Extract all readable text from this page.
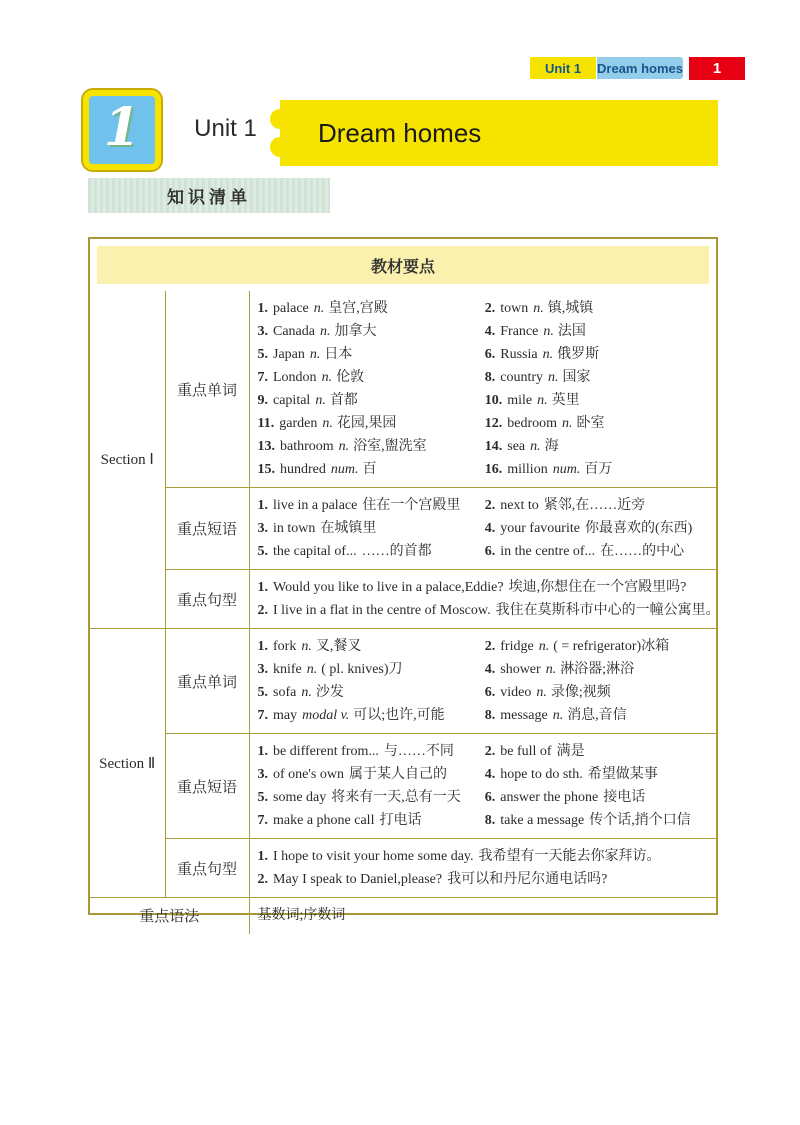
Unit 1	Dream homes	1
1	Unit 1	Dream homes
知识清单
教材要点
Section Ⅰ	重点单词	
1. palace n. 皇宫,宫殿	2. town n. 镇,城镇
3. Canada n. 加拿大	4. France n. 法国
5. Japan n. 日本	6. Russia n. 俄罗斯
7. London n. 伦敦	8. country n. 国家
9. capital n. 首都	10. mile n. 英里
11. garden n. 花园,果园	12. bedroom n. 卧室
13. bathroom n. 浴室,盥洗室	14. sea n. 海
15. hundred num. 百	16. million num. 百万

重点短语	
1. live in a palace 住在一个宫殿里	2. next to 紧邻,在……近旁
3. in town 在城镇里	4. your favourite 你最喜欢的(东西)
5. the capital of... ……的首都	6. in the centre of... 在……的中心

	重点句型	1. Would you like to live in a palace,Eddie? 埃迪,你想住在一个宫殿里吗?
2. I live in a flat in the centre of Moscow. 我住在莫斯科市中心的一幢公寓里。

Section Ⅱ	重点单词	
1. fork n. 叉,餐叉	2. fridge n. ( = refrigerator)冰箱
3. knife n. ( pl. knives)刀	4. shower n. 淋浴器;淋浴
5. sofa n. 沙发	6. video n. 录像;视频
7. may modal v. 可以;也许,可能	8. message n. 消息,音信

重点短语	
1. be different from... 与……不同	2. be full of 满是
3. of one's own 属于某人自己的	4. hope to do sth. 希望做某事
5. some day 将来有一天,总有一天	6. answer the phone 接电话
7. make a phone call 打电话	8. take a message 传个话,捎个口信

	重点句型	1. I hope to visit your home some day. 我希望有一天能去你家拜访。
2. May I speak to Daniel,please? 我可以和丹尼尔通电话吗?

重点语法		基数词;序数词
